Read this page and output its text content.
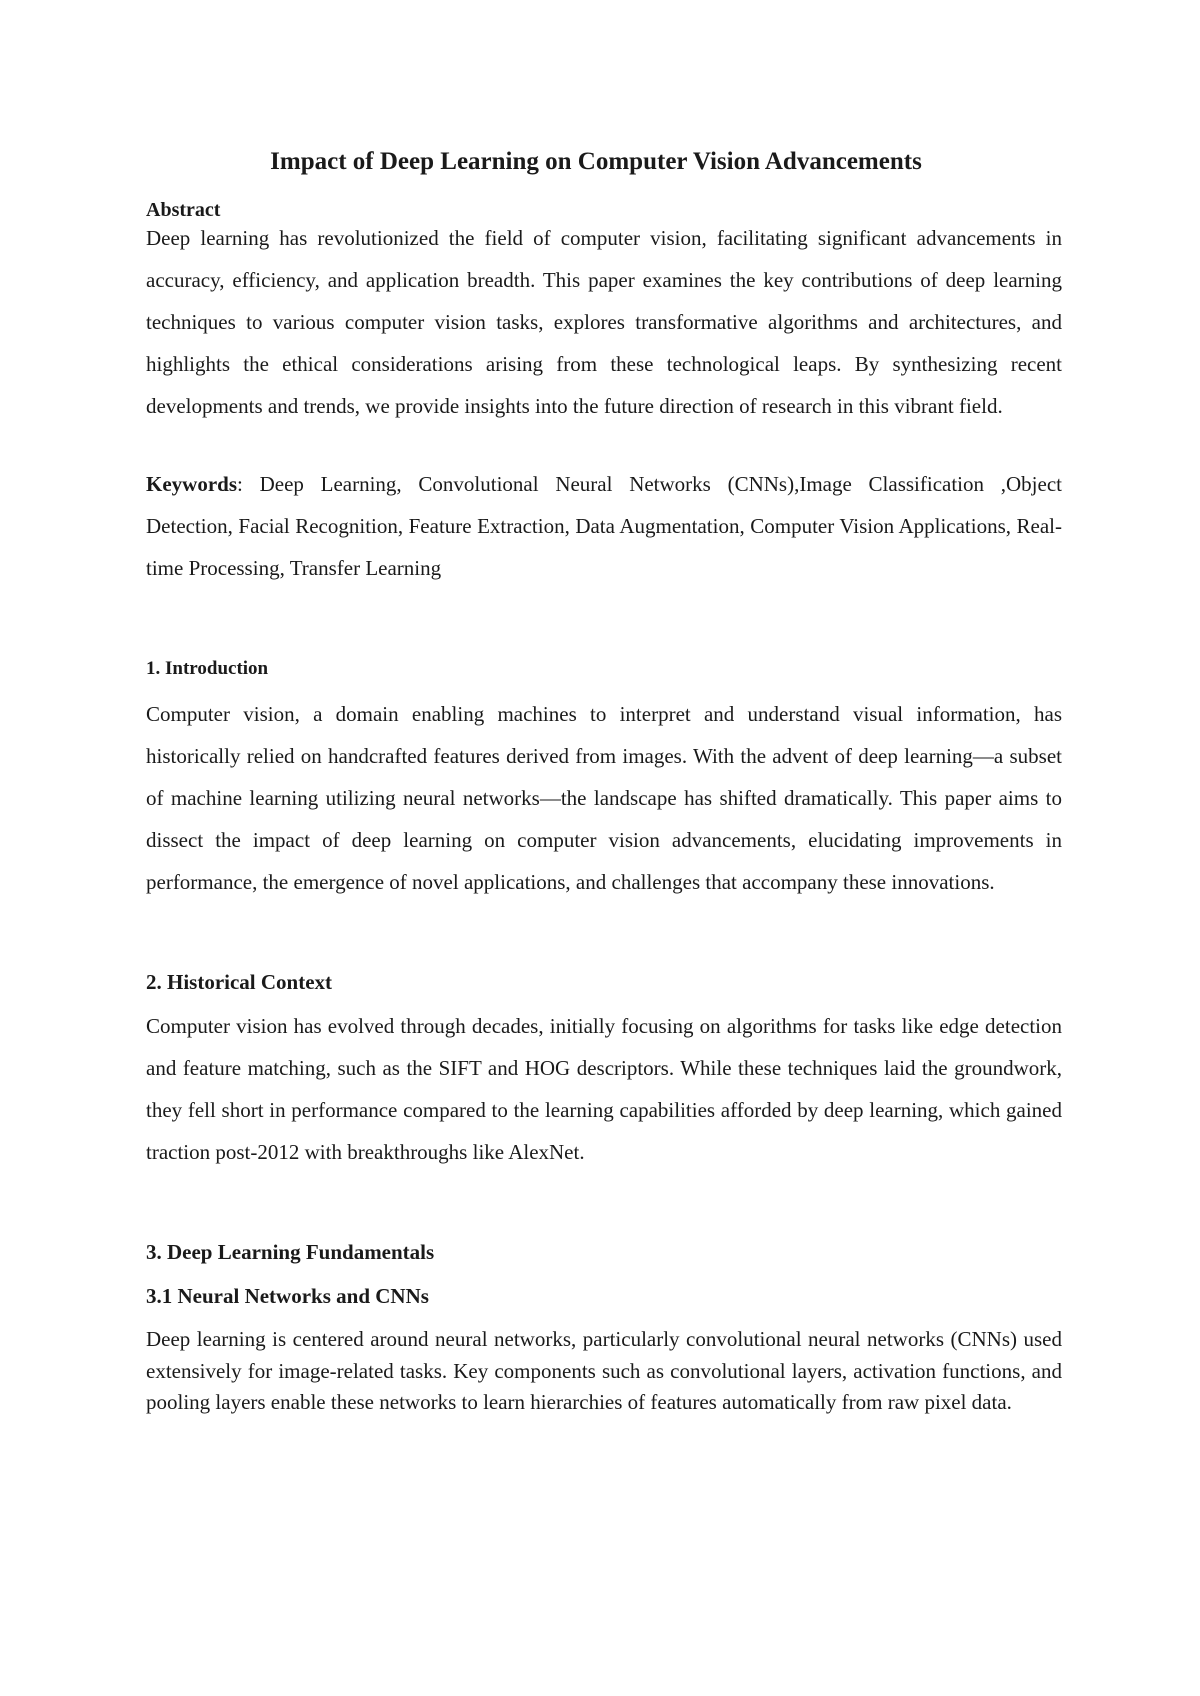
Impact of Deep Learning on Computer Vision Advancements
Abstract

Deep learning has revolutionized the field of computer vision, facilitating significant advancements in accuracy, efficiency, and application breadth. This paper examines the key contributions of deep learning techniques to various computer vision tasks, explores transformative algorithms and architectures, and highlights the ethical considerations arising from these technological leaps. By synthesizing recent developments and trends, we provide insights into the future direction of research in this vibrant field.

Keywords: Deep Learning, Convolutional Neural Networks (CNNs),Image Classification ,Object Detection, Facial Recognition, Feature Extraction, Data Augmentation, Computer Vision Applications, Real-time Processing, Transfer Learning

1. Introduction

Computer vision, a domain enabling machines to interpret and understand visual information, has historically relied on handcrafted features derived from images. With the advent of deep learning—a subset of machine learning utilizing neural networks—the landscape has shifted dramatically. This paper aims to dissect the impact of deep learning on computer vision advancements, elucidating improvements in performance, the emergence of novel applications, and challenges that accompany these innovations.

2. Historical Context

Computer vision has evolved through decades, initially focusing on algorithms for tasks like edge detection and feature matching, such as the SIFT and HOG descriptors. While these techniques laid the groundwork, they fell short in performance compared to the learning capabilities afforded by deep learning, which gained traction post-2012 with breakthroughs like AlexNet.

3. Deep Learning Fundamentals
3.1 Neural Networks and CNNs

Deep learning is centered around neural networks, particularly convolutional neural networks (CNNs) used extensively for image-related tasks. Key components such as convolutional layers, activation functions, and pooling layers enable these networks to learn hierarchies of features automatically from raw pixel data.
